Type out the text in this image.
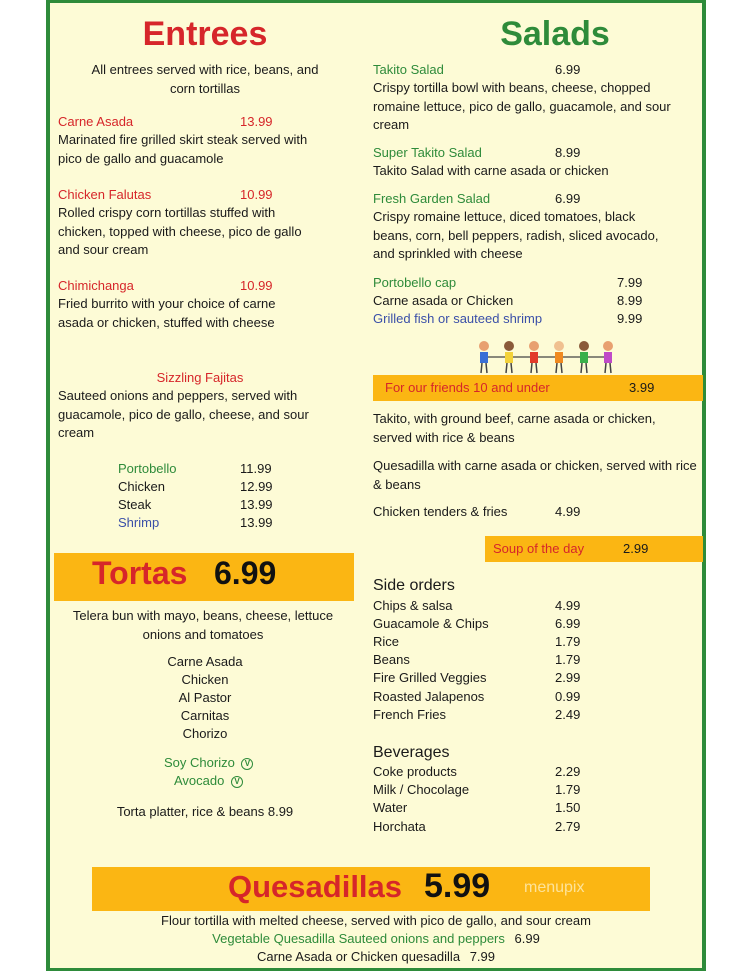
Entrees
All entrees served with rice, beans, and corn tortillas
Carne Asada	13.99
Marinated fire grilled skirt steak served with pico de gallo and guacamole
Chicken Falutas	10.99
Rolled crispy corn tortillas stuffed with chicken, topped with cheese, pico de gallo and sour cream
Chimichanga	10.99
Fried burrito with your choice of carne asada or chicken, stuffed with cheese
Sizzling Fajitas
Sauteed onions and peppers, served with guacamole, pico de gallo, cheese, and sour cream
Portobello	11.99
Chicken	12.99
Steak	13.99
Shrimp	13.99
Tortas 6.99
Telera bun with mayo, beans, cheese, lettuce onions and tomatoes
Carne Asada
Chicken
Al Pastor
Carnitas
Chorizo
Soy Chorizo V
Avocado V
Torta platter, rice & beans 8.99
Salads
Takito Salad	6.99
Crispy tortilla bowl with beans, cheese, chopped romaine lettuce, pico de gallo, guacamole, and sour cream
Super Takito Salad	8.99
Takito Salad with carne asada or chicken
Fresh Garden Salad	6.99
Crispy romaine lettuce, diced tomatoes, black beans, corn, bell peppers, radish, sliced avocado, and sprinkled with cheese
Portobello cap	7.99
Carne asada or Chicken	8.99
Grilled fish or sauteed shrimp	9.99
For our friends 10 and under	3.99
Takito, with ground beef, carne asada or chicken, served with rice & beans
Quesadilla with carne asada or chicken, served with rice & beans
Chicken tenders & fries	4.99
Soup of the day	2.99
Side orders
Chips & salsa	4.99
Guacamole & Chips	6.99
Rice	1.79
Beans	1.79
Fire Grilled Veggies	2.99
Roasted Jalapenos	0.99
French Fries	2.49
Beverages
Coke products	2.29
Milk / Chocolage	1.79
Water	1.50
Horchata	2.79
Quesadillas 5.99 menupix
Flour tortilla with melted cheese, served with pico de gallo, and sour cream
Vegetable Quesadilla Sauteed onions and peppers 6.99
Carne Asada or Chicken quesadilla 7.99
